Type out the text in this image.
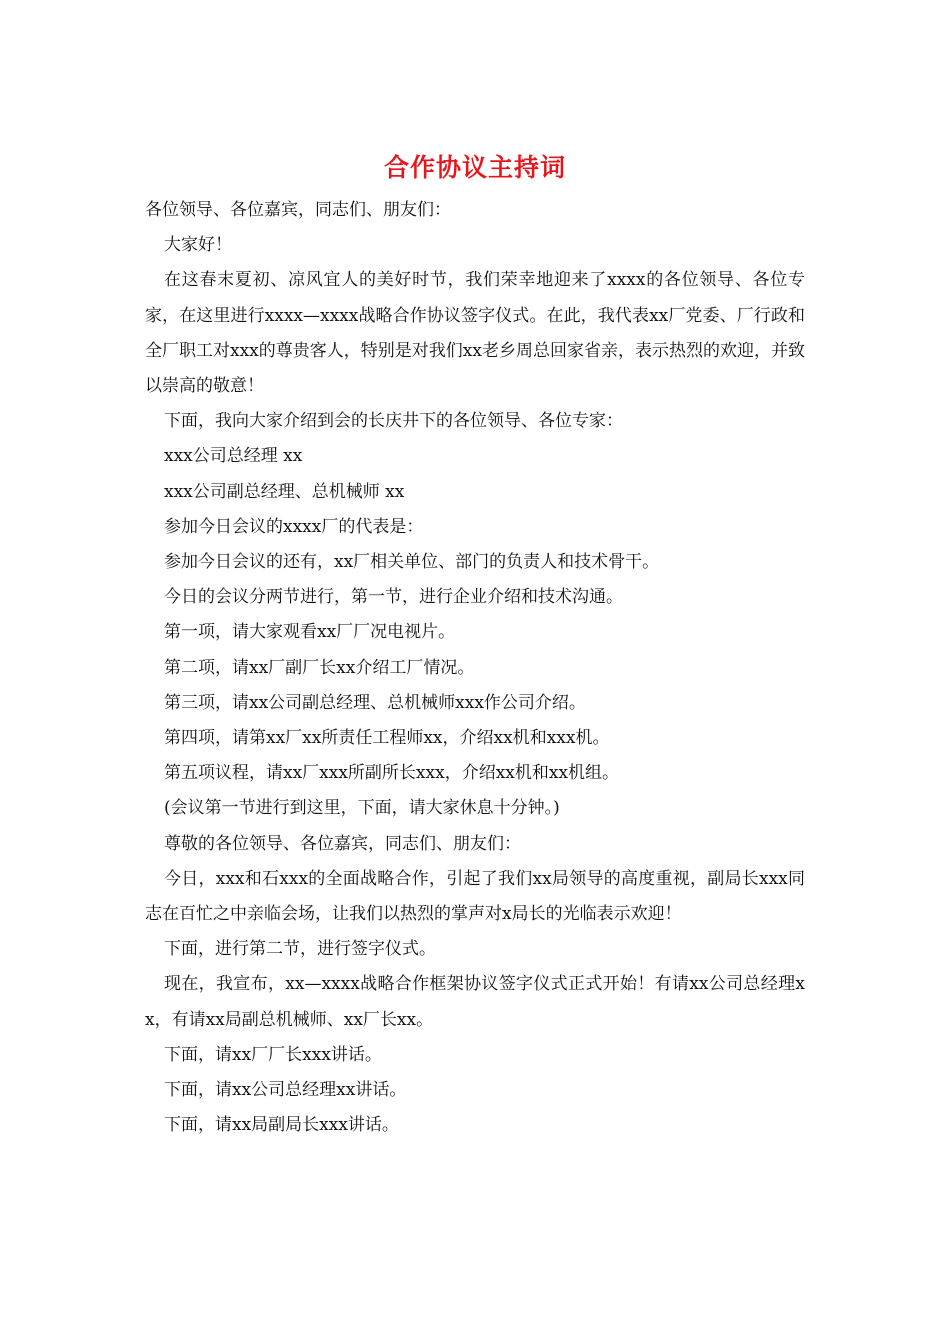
合作协议主持词

各位领导、各位嘉宾，同志们、朋友们：

大家好！

在这春末夏初、凉风宜人的美好时节，我们荣幸地迎来了xxxx的各位领导、各位专家，在这里进行xxxx—xxxx战略合作协议签字仪式。在此，我代表xx厂党委、厂行政和全厂职工对xxx的尊贵客人，特别是对我们xx老乡周总回家省亲，表示热烈的欢迎，并致以崇高的敬意！

下面，我向大家介绍到会的长庆井下的各位领导、各位专家：

xxx公司总经理 xx

xxx公司副总经理、总机械师 xx

参加今日会议的xxxx厂的代表是：

参加今日会议的还有，xx厂相关单位、部门的负责人和技术骨干。

今日的会议分两节进行，第一节，进行企业介绍和技术沟通。

第一项，请大家观看xx厂厂况电视片。

第二项，请xx厂副厂长xx介绍工厂情况。

第三项，请xx公司副总经理、总机械师xxx作公司介绍。

第四项，请第xx厂xx所责任工程师xx，介绍xx机和xxx机。

第五项议程，请xx厂xxx所副所长xxx，介绍xx机和xx机组。

(会议第一节进行到这里，下面，请大家休息十分钟。)

尊敬的各位领导、各位嘉宾，同志们、朋友们：

今日，xxx和石xxx的全面战略合作，引起了我们xx局领导的高度重视，副局长xxx同志在百忙之中亲临会场，让我们以热烈的掌声对x局长的光临表示欢迎！

下面，进行第二节，进行签字仪式。

现在，我宣布，xx—xxxx战略合作框架协议签字仪式正式开始！有请xx公司总经理xx，有请xx局副总机械师、xx厂长xx。

下面，请xx厂厂长xxx讲话。

下面，请xx公司总经理xx讲话。

下面，请xx局副局长xxx讲话。
